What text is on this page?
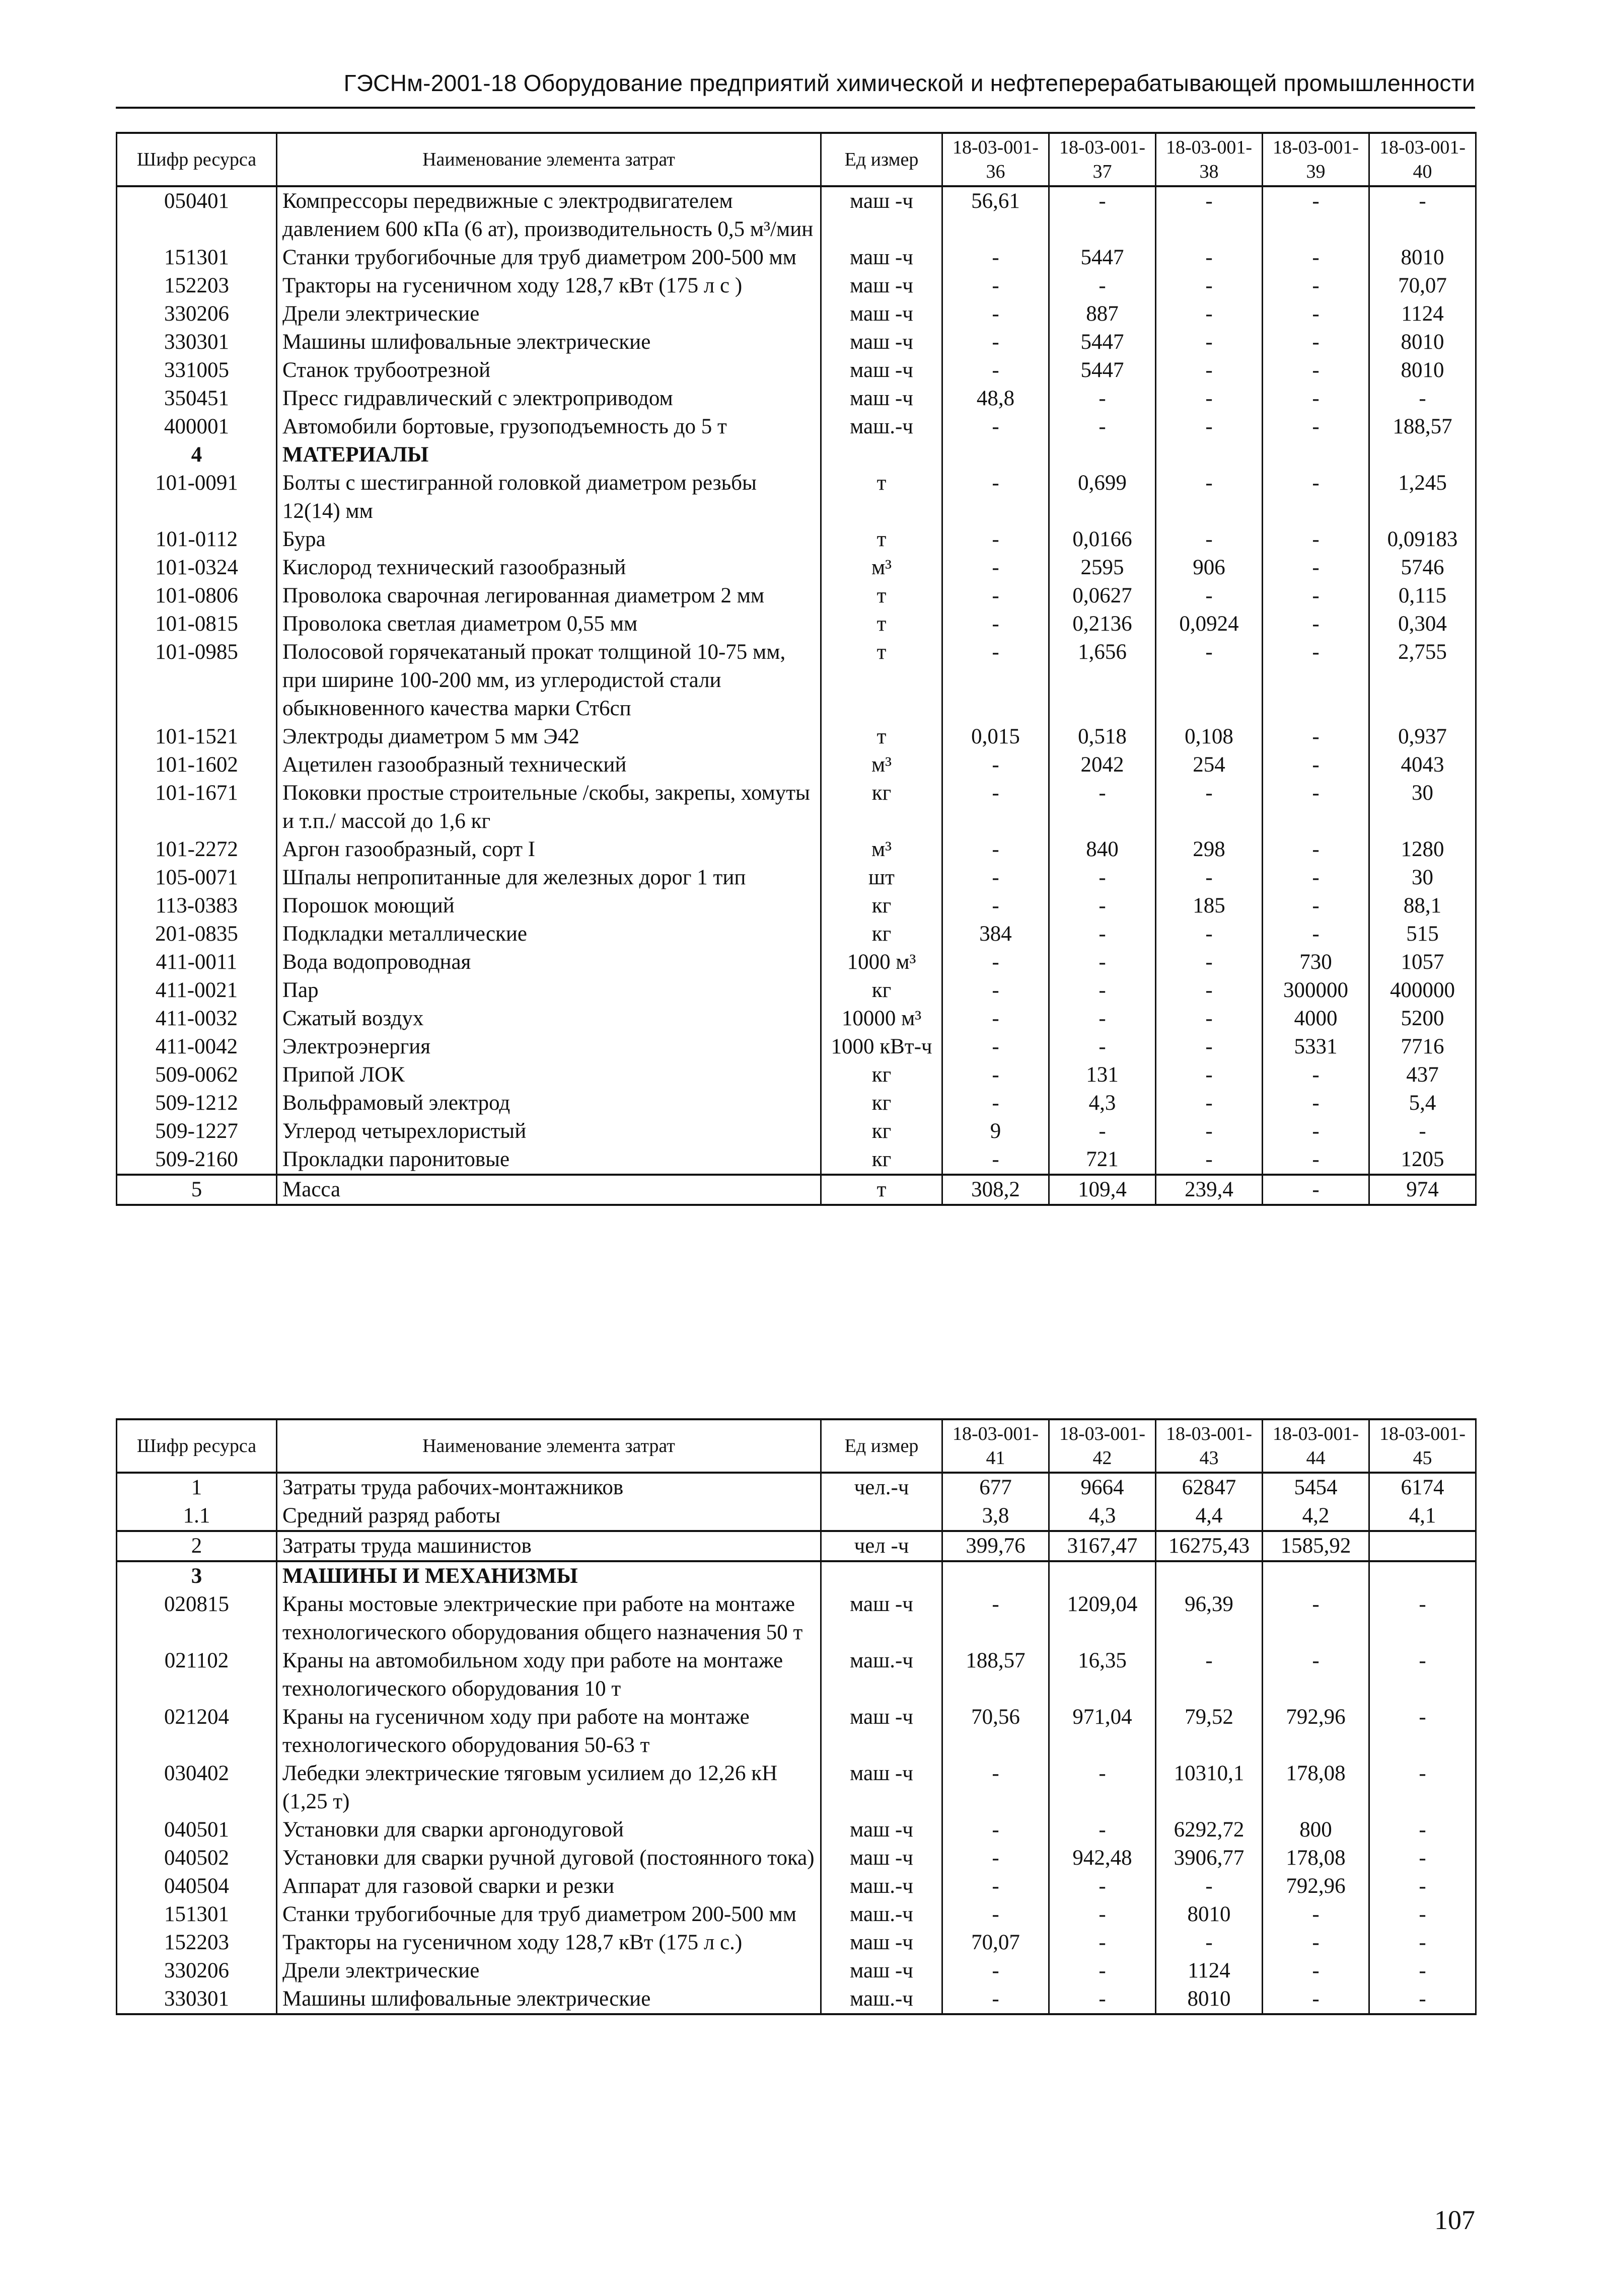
ГЭСНм-2001-18 Оборудование предприятий химической и нефтеперерабатывающей промышленности
Шифр ресурса	Наименование элемента затрат	Ед измер	18-03-001-36	18-03-001-37	18-03-001-38	18-03-001-39	18-03-001-40
050401	Компрессоры передвижные с электродвигателем давлением 600 кПа (6 ат), производительность 0,5 м³/мин	маш -ч	56,61	-	-	-	-
151301	Станки трубогибочные для труб диаметром 200-500 мм	маш -ч	-	5447	-	-	8010
152203	Тракторы на гусеничном ходу 128,7 кВт (175 л с )	маш -ч	-	-	-	-	70,07
330206	Дрели электрические	маш -ч	-	887	-	-	1124
330301	Машины шлифовальные электрические	маш -ч	-	5447	-	-	8010
331005	Станок трубоотрезной	маш -ч	-	5447	-	-	8010
350451	Пресс гидравлический с электроприводом	маш -ч	48,8	-	-	-	-
400001	Автомобили бортовые, грузоподъемность до 5 т	маш.-ч	-	-	-	-	188,57
4	МАТЕРИАЛЫ						
101-0091	Болты с шестигранной головкой диаметром резьбы 12(14) мм	т	-	0,699	-	-	1,245
101-0112	Бура	т	-	0,0166	-	-	0,09183
101-0324	Кислород технический газообразный	м³	-	2595	906	-	5746
101-0806	Проволока сварочная легированная диаметром 2 мм	т	-	0,0627	-	-	0,115
101-0815	Проволока светлая диаметром 0,55 мм	т	-	0,2136	0,0924	-	0,304
101-0985	Полосовой горячекатаный прокат толщиной 10-75 мм, при ширине 100-200 мм, из углеродистой стали обыкновенного качества марки Ст6сп	т	-	1,656	-	-	2,755
101-1521	Электроды диаметром 5 мм Э42	т	0,015	0,518	0,108	-	0,937
101-1602	Ацетилен газообразный технический	м³	-	2042	254	-	4043
101-1671	Поковки простые строительные /скобы, закрепы, хомуты и т.п./ массой до 1,6 кг	кг	-	-	-	-	30
101-2272	Аргон газообразный, сорт I	м³	-	840	298	-	1280
105-0071	Шпалы непропитанные для железных дорог 1 тип	шт	-	-	-	-	30
113-0383	Порошок моющий	кг	-	-	185	-	88,1
201-0835	Подкладки металлические	кг	384	-	-	-	515
411-0011	Вода водопроводная	1000 м³	-	-	-	730	1057
411-0021	Пар	кг	-	-	-	300000	400000
411-0032	Сжатый воздух	10000 м³	-	-	-	4000	5200
411-0042	Электроэнергия	1000 кВт-ч	-	-	-	5331	7716
509-0062	Припой ЛОК	кг	-	131	-	-	437
509-1212	Вольфрамовый электрод	кг	-	4,3	-	-	5,4
509-1227	Углерод четырехлористый	кг	9	-	-	-	-
509-2160	Прокладки паронитовые	кг	-	721	-	-	1205
5	Масса	т	308,2	109,4	239,4	-	974
Шифр ресурса	Наименование элемента затрат	Ед измер	18-03-001-41	18-03-001-42	18-03-001-43	18-03-001-44	18-03-001-45
1	Затраты труда рабочих-монтажников	чел.-ч	677	9664	62847	5454	6174
1.1	Средний разряд работы		3,8	4,3	4,4	4,2	4,1
2	Затраты труда машинистов	чел -ч	399,76	3167,47	16275,43	1585,92	
3	МАШИНЫ И МЕХАНИЗМЫ						
020815	Краны мостовые электрические при работе на монтаже технологического оборудования общего назначения 50 т	маш -ч	-	1209,04	96,39	-	-
021102	Краны на автомобильном ходу при работе на монтаже технологического оборудования 10 т	маш.-ч	188,57	16,35	-	-	-
021204	Краны на гусеничном ходу при работе на монтаже технологического оборудования 50-63 т	маш -ч	70,56	971,04	79,52	792,96	-
030402	Лебедки электрические тяговым усилием до 12,26 кН (1,25 т)	маш -ч	-	-	10310,1	178,08	-
040501	Установки для сварки аргонодуговой	маш -ч	-	-	6292,72	800	-
040502	Установки для сварки ручной дуговой (постоянного тока)	маш -ч	-	942,48	3906,77	178,08	-
040504	Аппарат для газовой сварки и резки	маш.-ч	-	-	-	792,96	-
151301	Станки трубогибочные для труб диаметром 200-500 мм	маш.-ч	-	-	8010	-	-
152203	Тракторы на гусеничном ходу 128,7 кВт (175 л с.)	маш -ч	70,07	-	-	-	-
330206	Дрели электрические	маш -ч	-	-	1124	-	-
330301	Машины шлифовальные электрические	маш.-ч	-	-	8010	-	-
107
